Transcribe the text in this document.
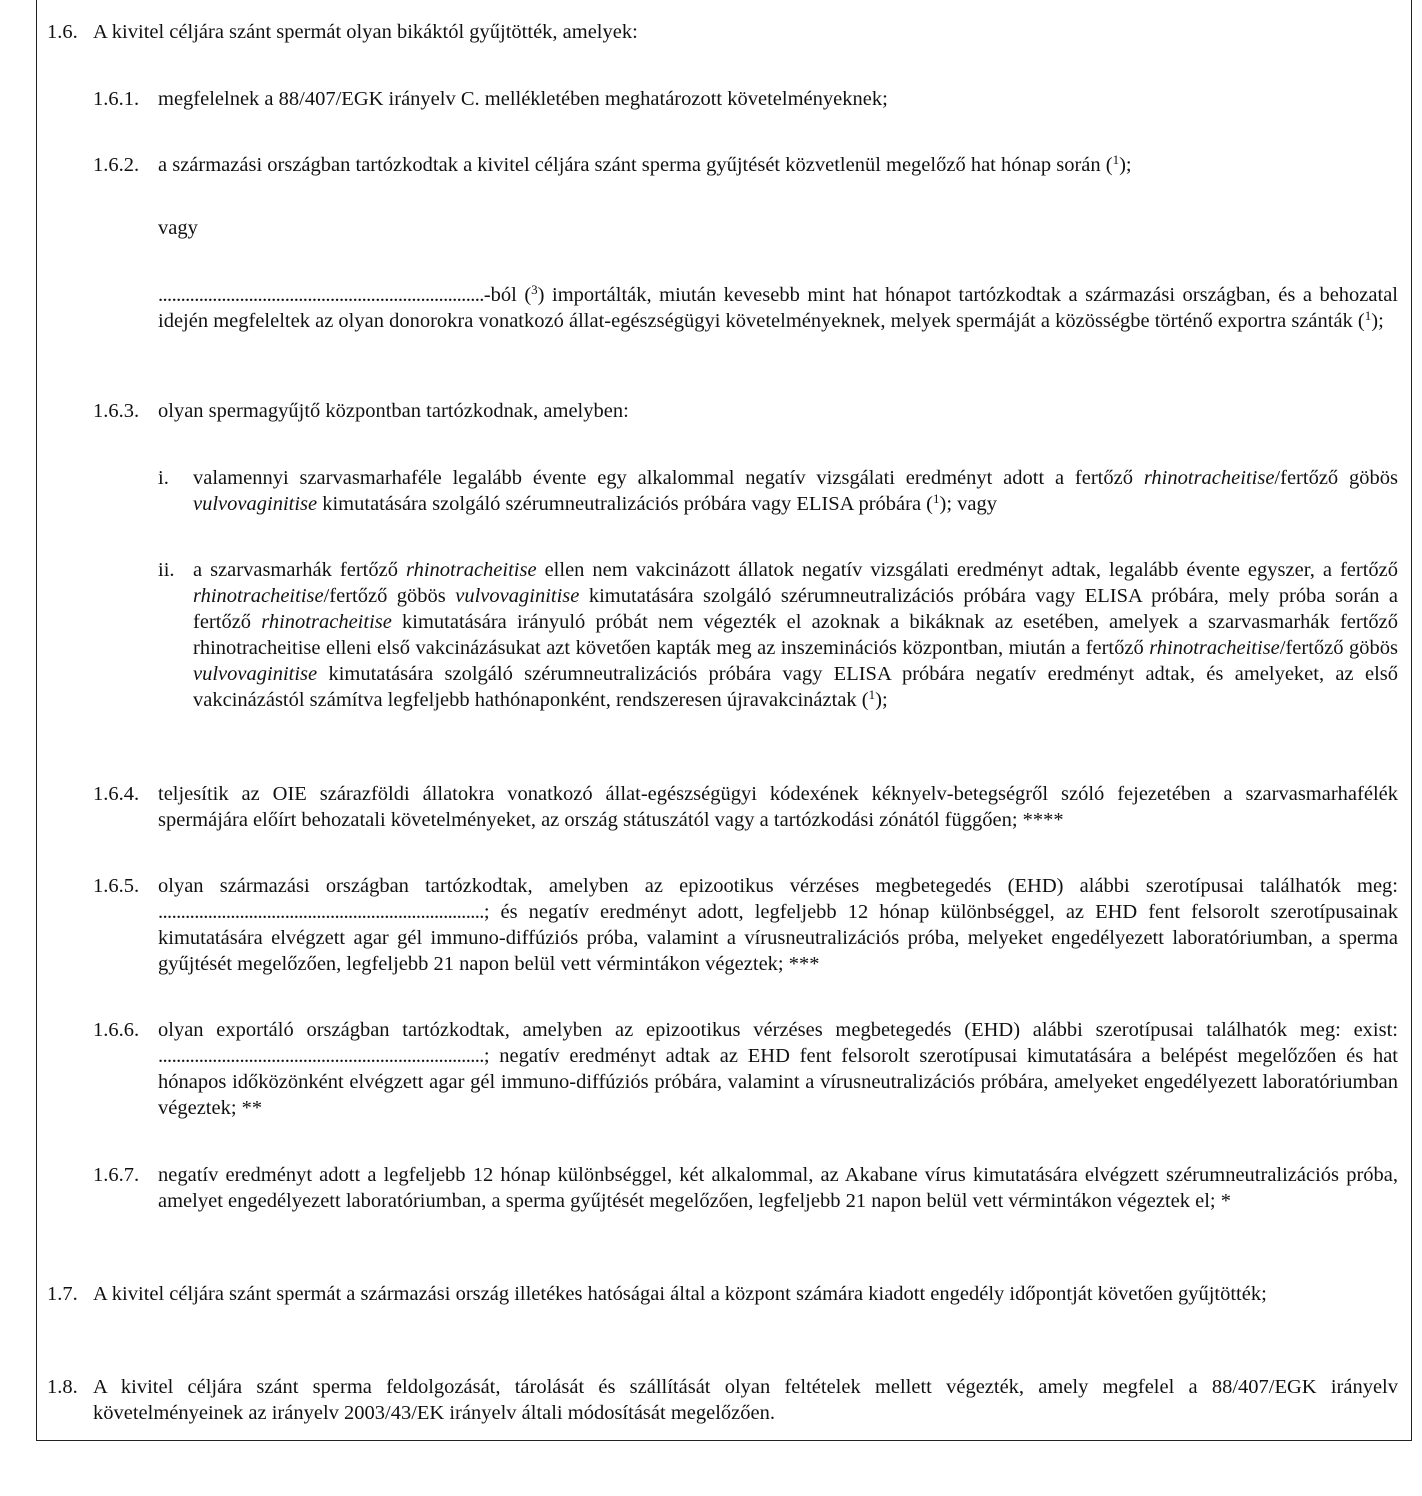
1.6. A kivitel céljára szánt spermát olyan bikáktól gyűjtötték, amelyek:

1.6.1. megfelelnek a 88/407/EGK irányelv C. mellékletében meghatározott követelményeknek;

1.6.2. a származási országban tartózkodtak a kivitel céljára szánt sperma gyűjtését közvetlenül megelőző hat hónap során ($^1$);

vagy

........................................................................-ból ($^3$) importálták, miután kevesebb mint hat hónapot tartózkodtak a származási országban, és a behozatal idején megfeleltek az olyan donorokra vonatkozó állat-egészségügyi követelményeknek, melyek spermáját a közösségbe történő exportra szánták ($^1$);

1.6.3. olyan spermagyűjtő központban tartózkodnak, amelyben:

i. valamennyi szarvasmarhaféle legalább évente egy alkalommal negatív vizsgálati eredményt adott a fertőző rhinotracheitise/fertőző göbös vulvovaginitise kimutatására szolgáló szérumneutralizációs próbára vagy ELISA próbára ($^1$); vagy

ii. a szarvasmarhák fertőző rhinotracheitise ellen nem vakcinázott állatok negatív vizsgálati eredményt adtak, legalább évente egyszer, a fertőző rhinotracheitise/fertőző göbös vulvovaginitise kimutatására szolgáló szérumneutralizációs próbára vagy ELISA próbára, mely próba során a fertőző rhinotracheitise kimutatására irányuló próbát nem végezték el azoknak a bikáknak az esetében, amelyek a szarvasmarhák fertőző rhinotracheitise elleni első vakcinázásukat azt követően kapták meg az inszeminációs központban, miután a fertőző rhinotracheitise/fertőző göbös vulvovaginitise kimutatására szolgáló szérumneutralizációs próbára vagy ELISA próbára negatív eredményt adtak, és amelyeket, az első vakcinázástól számítva legfeljebb hathónaponként, rendszeresen újravakcináztak ($^1$);

1.6.4. teljesítik az OIE szárazföldi állatokra vonatkozó állat-egészségügyi kódexének kéknyelv-betegségről szóló fejezetében a szarvasmarhafélék spermájára előírt behozatali követelményeket, az ország státuszától vagy a tartózkodási zónától függően; ****

1.6.5. olyan származási országban tartózkodtak, amelyben az epizootikus vérzéses megbetegedés (EHD) alábbi szerotípusai találhatók meg: ........................................................................; és negatív eredményt adott, legfeljebb 12 hónap különbséggel, az EHD fent felsorolt szerotípusainak kimutatására elvégzett agar gél immuno-diffúziós próba, valamint a vírusneutralizációs próba, melyeket engedélyezett laboratóriumban, a sperma gyűjtését megelőzően, legfeljebb 21 napon belül vett vérmintákon végeztek; ***

1.6.6. olyan exportáló országban tartózkodtak, amelyben az epizootikus vérzéses megbetegedés (EHD) alábbi szerotípusai találhatók meg: exist: ........................................................................; negatív eredményt adtak az EHD fent felsorolt szerotípusai kimutatására a belépést megelőzően és hat hónapos időközönként elvégzett agar gél immuno-diffúziós próbára, valamint a vírusneutralizációs próbára, amelyeket engedélyezett laboratóriumban végeztek; **

1.6.7. negatív eredményt adott a legfeljebb 12 hónap különbséggel, két alkalommal, az Akabane vírus kimutatására elvégzett szérumneutralizációs próba, amelyet engedélyezett laboratóriumban, a sperma gyűjtését megelőzően, legfeljebb 21 napon belül vett vérmintákon végeztek el; *

1.7. A kivitel céljára szánt spermát a származási ország illetékes hatóságai által a központ számára kiadott engedély időpontját követően gyűjtötték;

1.8. A kivitel céljára szánt sperma feldolgozását, tárolását és szállítását olyan feltételek mellett végezték, amely megfelel a 88/407/EGK irányelv követelményeinek az irányelv 2003/43/EK irányelv általi módosítását megelőzően.
